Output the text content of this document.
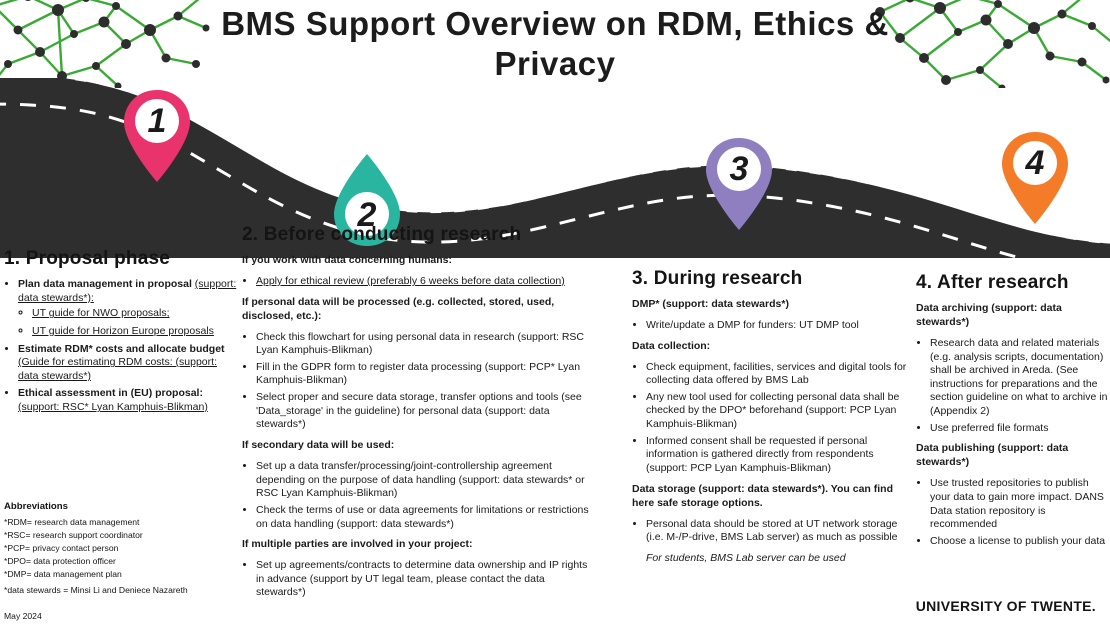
BMS Support Overview on RDM, Ethics & Privacy
1
2
3	4
1. Proposal phase
• Plan data management in proposal (support: data stewards*):
◦ UT guide for NWO proposals;
◦ UT guide for Horizon Europe proposals
• Estimate RDM* costs and allocate budget (Guide for estimating RDM costs: (support: data stewards*)
• Ethical assessment in (EU) proposal: (support: RSC* Lyan Kamphuis-Blikman)
2. Before conducting research

If you work with data concerning humans:

• Apply for ethical review (preferably 6 weeks before data collection)

If personal data will be processed (e.g. collected, stored, used, disclosed, etc.):

• Check this flowchart for using personal data in research (support: RSC Lyan Kamphuis-Blikman)
• Fill in the GDPR form to register data processing (support: PCP* Lyan Kamphuis-Blikman)
• Select proper and secure data storage, transfer options and tools (see 'Data_storage' in the guideline) for personal data (support: data stewards*)

If secondary data will be used:

• Set up a data transfer/processing/joint-controllership agreement depending on the purpose of data handling (support: data stewards* or RSC Lyan Kamphuis-Blikman)
• Check the terms of use or data agreements for limitations or restrictions on data handling (support: data stewards*)

If multiple parties are involved in your project:

• Set up agreements/contracts to determine data ownership and IP rights in advance (support by UT legal team, please contact the data stewards*)
3. During research

DMP* (support: data stewards*)

• Write/update a DMP for funders: UT DMP tool

Data collection:

• Check equipment, facilities, services and digital tools for collecting data offered by BMS Lab
• Any new tool used for collecting personal data shall be checked by the DPO* beforehand (support: PCP Lyan Kamphuis-Blikman)
• Informed consent shall be requested if personal information is gathered directly from respondents (support: PCP Lyan Kamphuis-Blikman)

Data storage (support: data stewards*). You can find here safe storage options.

• Personal data should be stored at UT network storage (i.e. M-/P-drive, BMS Lab server) as much as possible

For students, BMS Lab server can be used

4. After research

Data archiving (support: data stewards*)

• Research data and related materials (e.g. analysis scripts, documentation) shall be archived in Areda. (See instructions for preparations and the section guideline on what to archive in (Appendix 2)
• Use preferred file formats

Data publishing (support: data stewards*)

• Use trusted repositories to publish your data to gain more impact. DANS Data station repository is recommended
• Choose a license to publish your data
Abbreviations
*RDM= research data management
*RSC= research support coordinator
*PCP= privacy contact person
*DPO= data protection officer
*DMP= data management plan
*data stewards = Minsi Li and Deniece Nazareth
May 2024
UNIVERSITY OF TWENTE.
